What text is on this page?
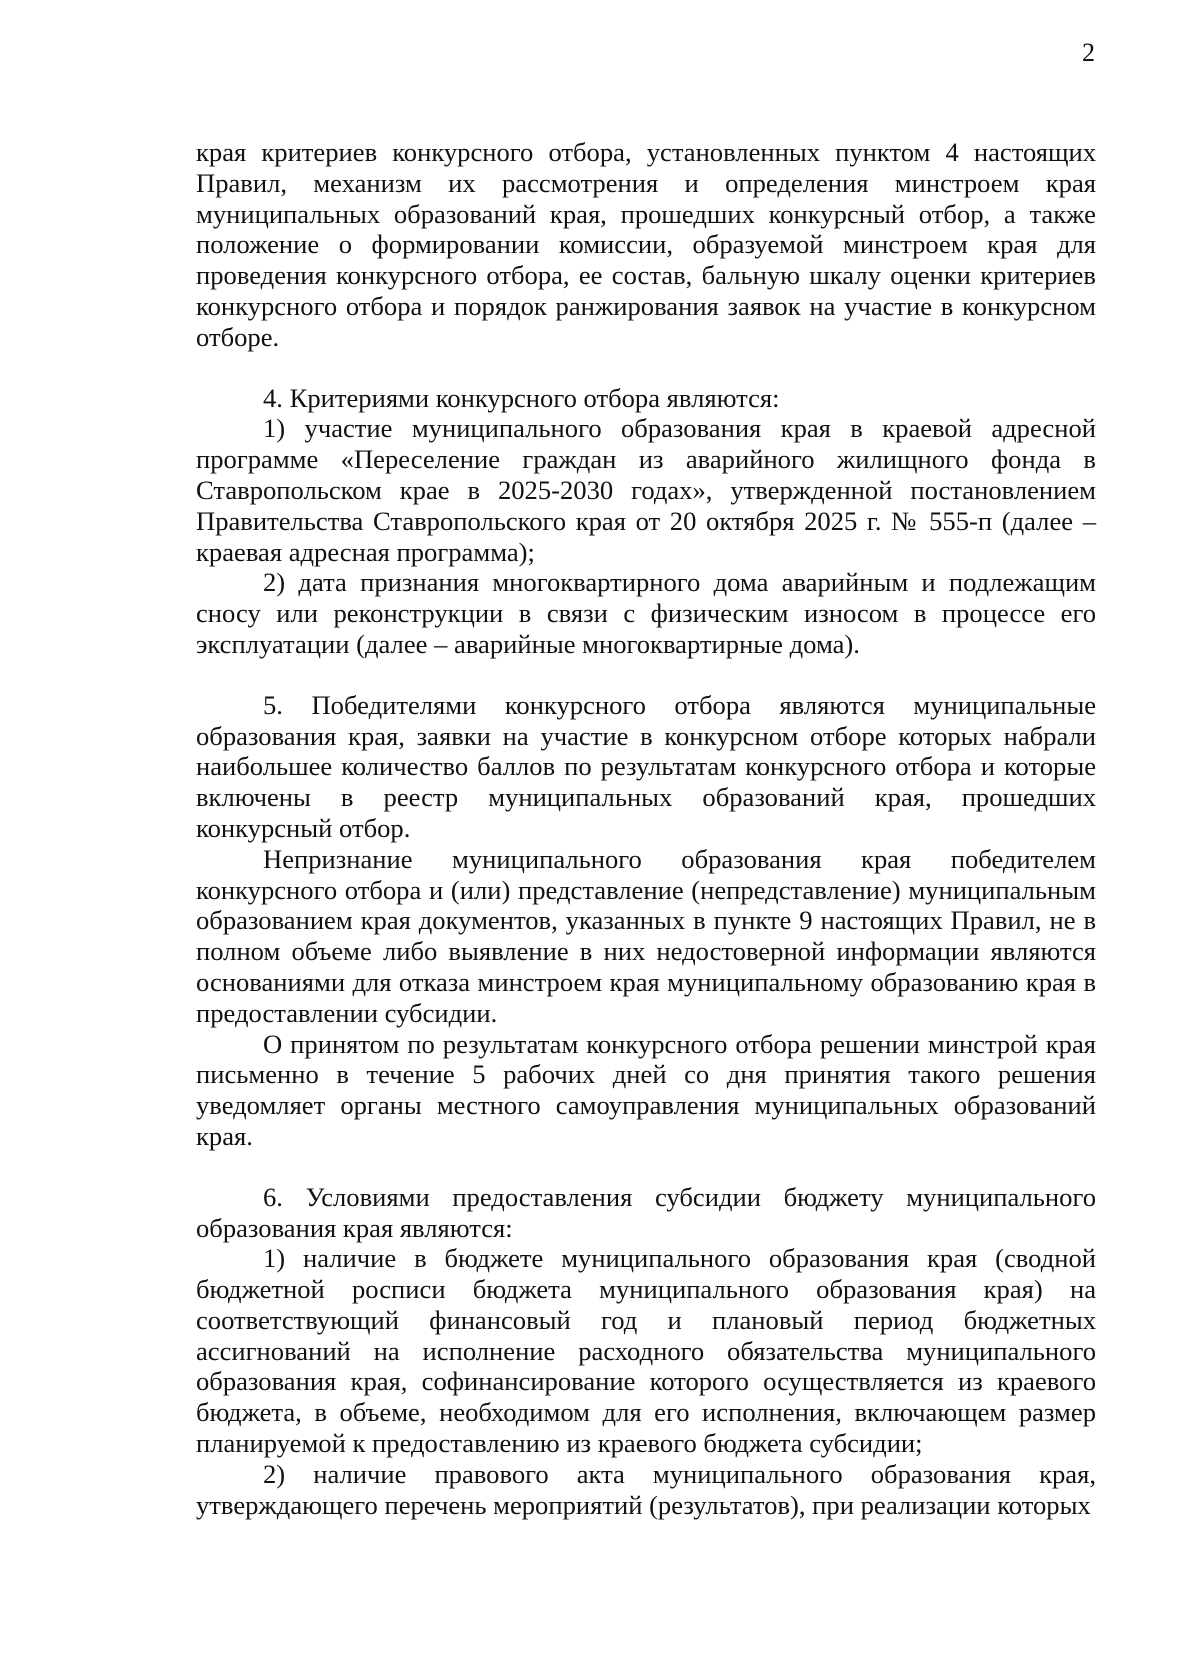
2

края критериев конкурсного отбора, установленных пунктом 4 настоящих Правил, механизм их рассмотрения и определения минстроем края муниципальных образований края, прошедших конкурсный отбор, а также положение о формировании комиссии, образуемой минстроем края для проведения конкурсного отбора, ее состав, бальную шкалу оценки критериев конкурсного отбора и порядок ранжирования заявок на участие в конкурсном отборе.

4. Критериями конкурсного отбора являются:

1) участие муниципального образования края в краевой адресной программе «Переселение граждан из аварийного жилищного фонда в Ставропольском крае в 2025-2030 годах», утвержденной постановлением Правительства Ставропольского края от 20 октября 2025 г. № 555-п (далее – краевая адресная программа);

2) дата признания многоквартирного дома аварийным и подлежащим сносу или реконструкции в связи с физическим износом в процессе его эксплуатации (далее – аварийные многоквартирные дома).

5. Победителями конкурсного отбора являются муниципальные образования края, заявки на участие в конкурсном отборе которых набрали наибольшее количество баллов по результатам конкурсного отбора и которые включены в реестр муниципальных образований края, прошедших конкурсный отбор.

Непризнание муниципального образования края победителем конкурсного отбора и (или) представление (непредставление) муниципальным образованием края документов, указанных в пункте 9 настоящих Правил, не в полном объеме либо выявление в них недостоверной информации являются основаниями для отказа минстроем края муниципальному образованию края в предоставлении субсидии.

О принятом по результатам конкурсного отбора решении минстрой края письменно в течение 5 рабочих дней со дня принятия такого решения уведомляет органы местного самоуправления муниципальных образований края.

6. Условиями предоставления субсидии бюджету муниципального образования края являются:

1) наличие в бюджете муниципального образования края (сводной бюджетной росписи бюджета муниципального образования края) на соответствующий финансовый год и плановый период бюджетных ассигнований на исполнение расходного обязательства муниципального образования края, софинансирование которого осуществляется из краевого бюджета, в объеме, необходимом для его исполнения, включающем размер планируемой к предоставлению из краевого бюджета субсидии;

2) наличие правового акта муниципального образования края, утверждающего перечень мероприятий (результатов), при реализации которых
